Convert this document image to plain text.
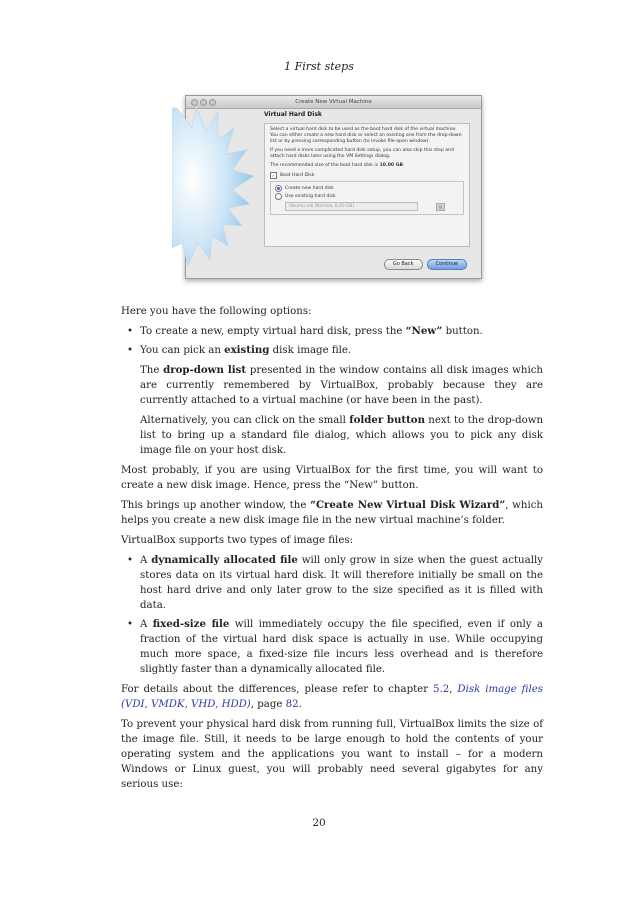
1 First steps
Create New Virtual Machine
Virtual Hard Disk

Select a virtual hard disk to be used as the boot hard disk of the virtual machine. You can either create a new hard disk or select an existing one from the drop-down list or by pressing corresponding button (to invoke file-open window).

If you need a more complicated hard disk setup, you can also skip this step and attach hard disks later using the VM Settings dialog.

The recommended size of the boot hard disk is 10.00 GB.

✓	Boot Hard Disk
Create new hard disk
Use existing hard disk
Ubuntu.vdi (Normal, 8.00 GB)	▤
Go Back	Continue

Here you have the following options:

• To create a new, empty virtual hard disk, press the “New” button.

• You can pick an existing disk image file.

The drop-down list presented in the window contains all disk images which are currently remembered by VirtualBox, probably because they are currently attached to a virtual machine (or have been in the past).

Alternatively, you can click on the small folder button next to the drop-down list to bring up a standard file dialog, which allows you to pick any disk image file on your host disk.

Most probably, if you are using VirtualBox for the first time, you will want to create a new disk image. Hence, press the “New” button.

This brings up another window, the “Create New Virtual Disk Wizard”, which helps you create a new disk image file in the new virtual machine’s folder.

VirtualBox supports two types of image files:

• A dynamically allocated file will only grow in size when the guest actually stores data on its virtual hard disk. It will therefore initially be small on the host hard drive and only later grow to the size specified as it is filled with data.
• A fixed-size file will immediately occupy the file specified, even if only a fraction of the virtual hard disk space is actually in use. While occupying much more space, a fixed-size file incurs less overhead and is therefore slightly faster than a dynamically allocated file.

For details about the differences, please refer to chapter 5.2, Disk image files (VDI, VMDK, VHD, HDD), page 82.

To prevent your physical hard disk from running full, VirtualBox limits the size of the image file. Still, it needs to be large enough to hold the contents of your operating system and the applications you want to install – for a modern Windows or Linux guest, you will probably need several gigabytes for any serious use:

20
